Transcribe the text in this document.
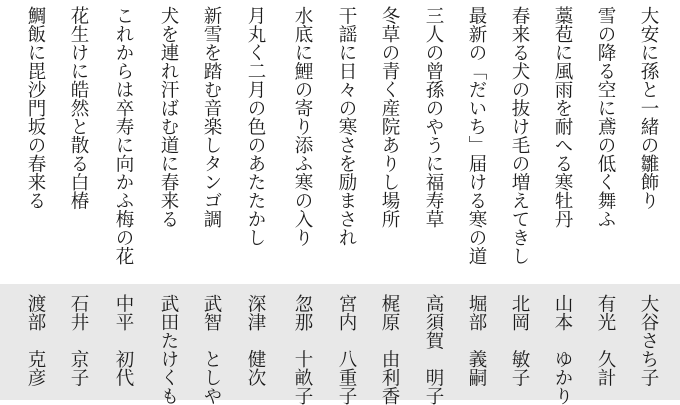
大安に孫と一緒の雛飾り
雪の降る空に鳶の低く舞ふ
藁苞に風雨を耐へる寒牡丹
春来る犬の抜け毛の増えてきし
最新の「だいち」届ける寒の道
三人の曾孫のやうに福寿草
冬草の青く産院ありし場所
干謡に日々の寒さを励まされ
水底に鯉の寄り添ふ寒の入り
月丸く二月の色のあたたかし
新雪を踏む音楽しタンゴ調
犬を連れ汗ばむ道に春来る
これからは卒寿に向かふ梅の花
花生けに皓然と散る白椿
鯛飯に毘沙門坂の春来る
大谷さち子
有光　久計
山本　ゆかり
北岡　敏子
堀部　義嗣
高須賀　明子
梶原　由利香
宮内　八重子
忽那　十畝子
深津　健次
武智　としや
武田たけくも
中平　初代
石井　京子
渡部　克彦
